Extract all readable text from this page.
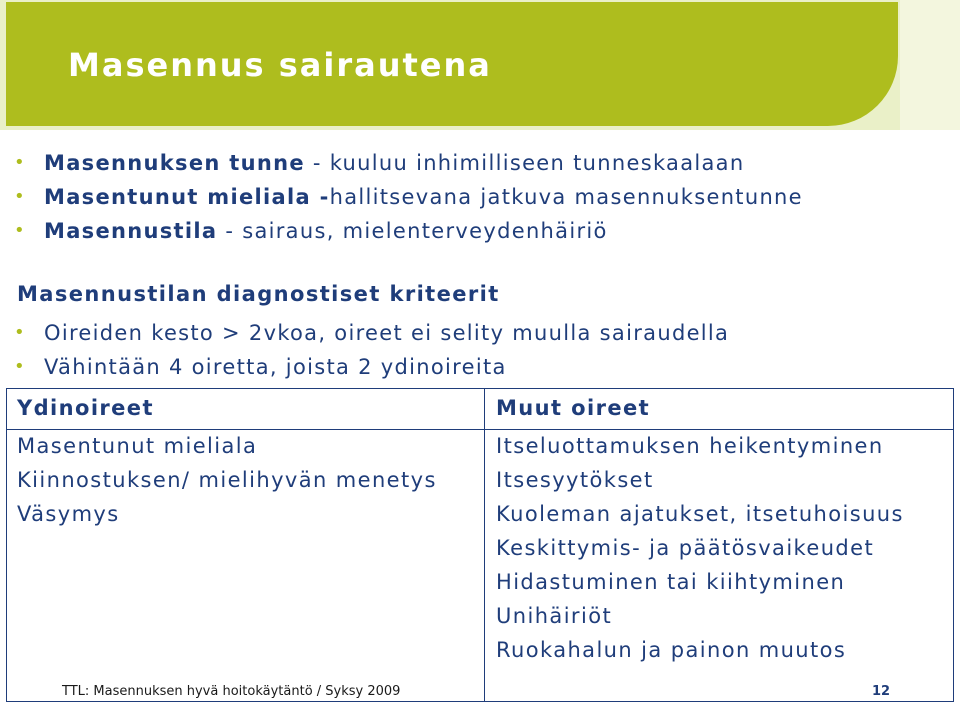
Masennus sairautena
• Masennuksen tunne - kuuluu inhimilliseen tunneskaalaan
• Masentunut mieliala -hallitsevana jatkuva masennuksentunne
• Masennustila - sairaus, mielenterveydenhäiriö
Masennustilan diagnostiset kriteerit
• Oireiden kesto > 2vkoa, oireet ei selity muulla sairaudella
• Vähintään 4 oiretta, joista 2 ydinoireita
Ydinoireet
Masentunut mieliala
Kiinnostuksen/ mielihyvän menetys
Väsymys
Muut oireet
Itseluottamuksen heikentyminen
Itsesyytökset
Kuoleman ajatukset, itsetuhoisuus
Keskittymis- ja päätösvaikeudet
Hidastuminen tai kiihtyminen
Unihäiriöt
Ruokahalun ja painon muutos
TTL: Masennuksen hyvä hoitokäytäntö / Syksy 2009	12
